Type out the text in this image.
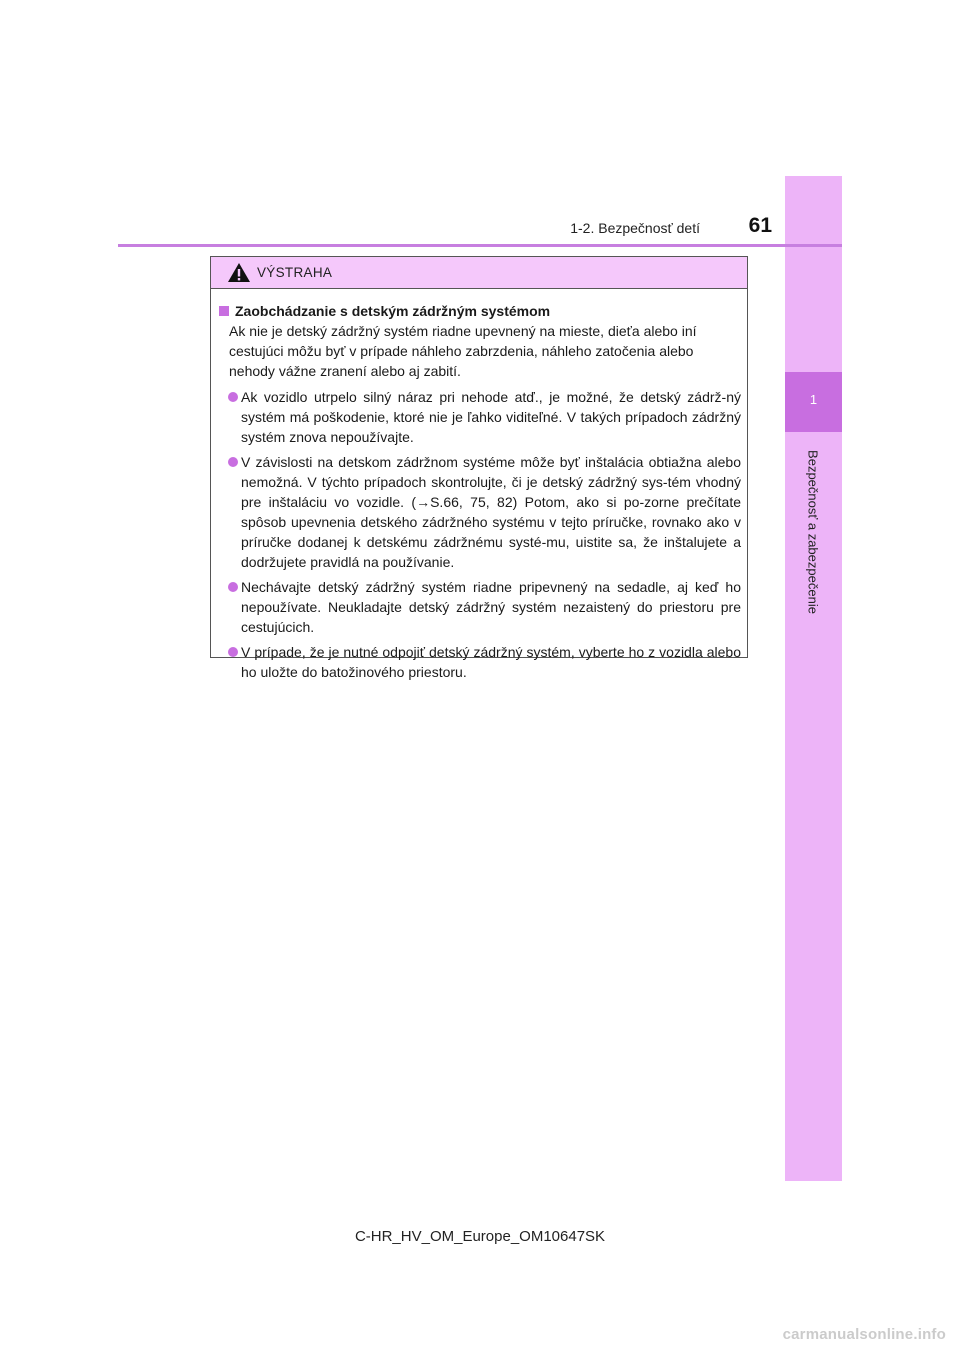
1
Bezpečnosť a zabezpečenie
1-2. Bezpečnosť detí	61
VÝSTRAHA
Zaobchádzanie s detským zádržným systémom

Ak nie je detský zádržný systém riadne upevnený na mieste, dieťa alebo iní cestujúci môžu byť v prípade náhleho zabrzdenia, náhleho zatočenia alebo nehody vážne zranení alebo aj zabití.

Ak vozidlo utrpelo silný náraz pri nehode atď., je možné, že detský zádrž-ný systém má poškodenie, ktoré nie je ľahko viditeľné. V takých prípadoch zádržný systém znova nepoužívajte.
V závislosti na detskom zádržnom systéme môže byť inštalácia obtiažna alebo nemožná. V týchto prípadoch skontrolujte, či je detský zádržný sys-tém vhodný pre inštaláciu vo vozidle. (→S.66, 75, 82) Potom, ako si po-zorne prečítate spôsob upevnenia detského zádržného systému v tejto príručke, rovnako ako v príručke dodanej k detskému zádržnému systé-mu, uistite sa, že inštalujete a dodržujete pravidlá na používanie.
Nechávajte detský zádržný systém riadne pripevnený na sedadle, aj keď ho nepoužívate. Neukladajte detský zádržný systém nezaistený do priestoru pre cestujúcich.
V prípade, že je nutné odpojiť detský zádržný systém, vyberte ho z vozidla alebo ho uložte do batožinového priestoru.
C-HR_HV_OM_Europe_OM10647SK
carmanualsonline.info
